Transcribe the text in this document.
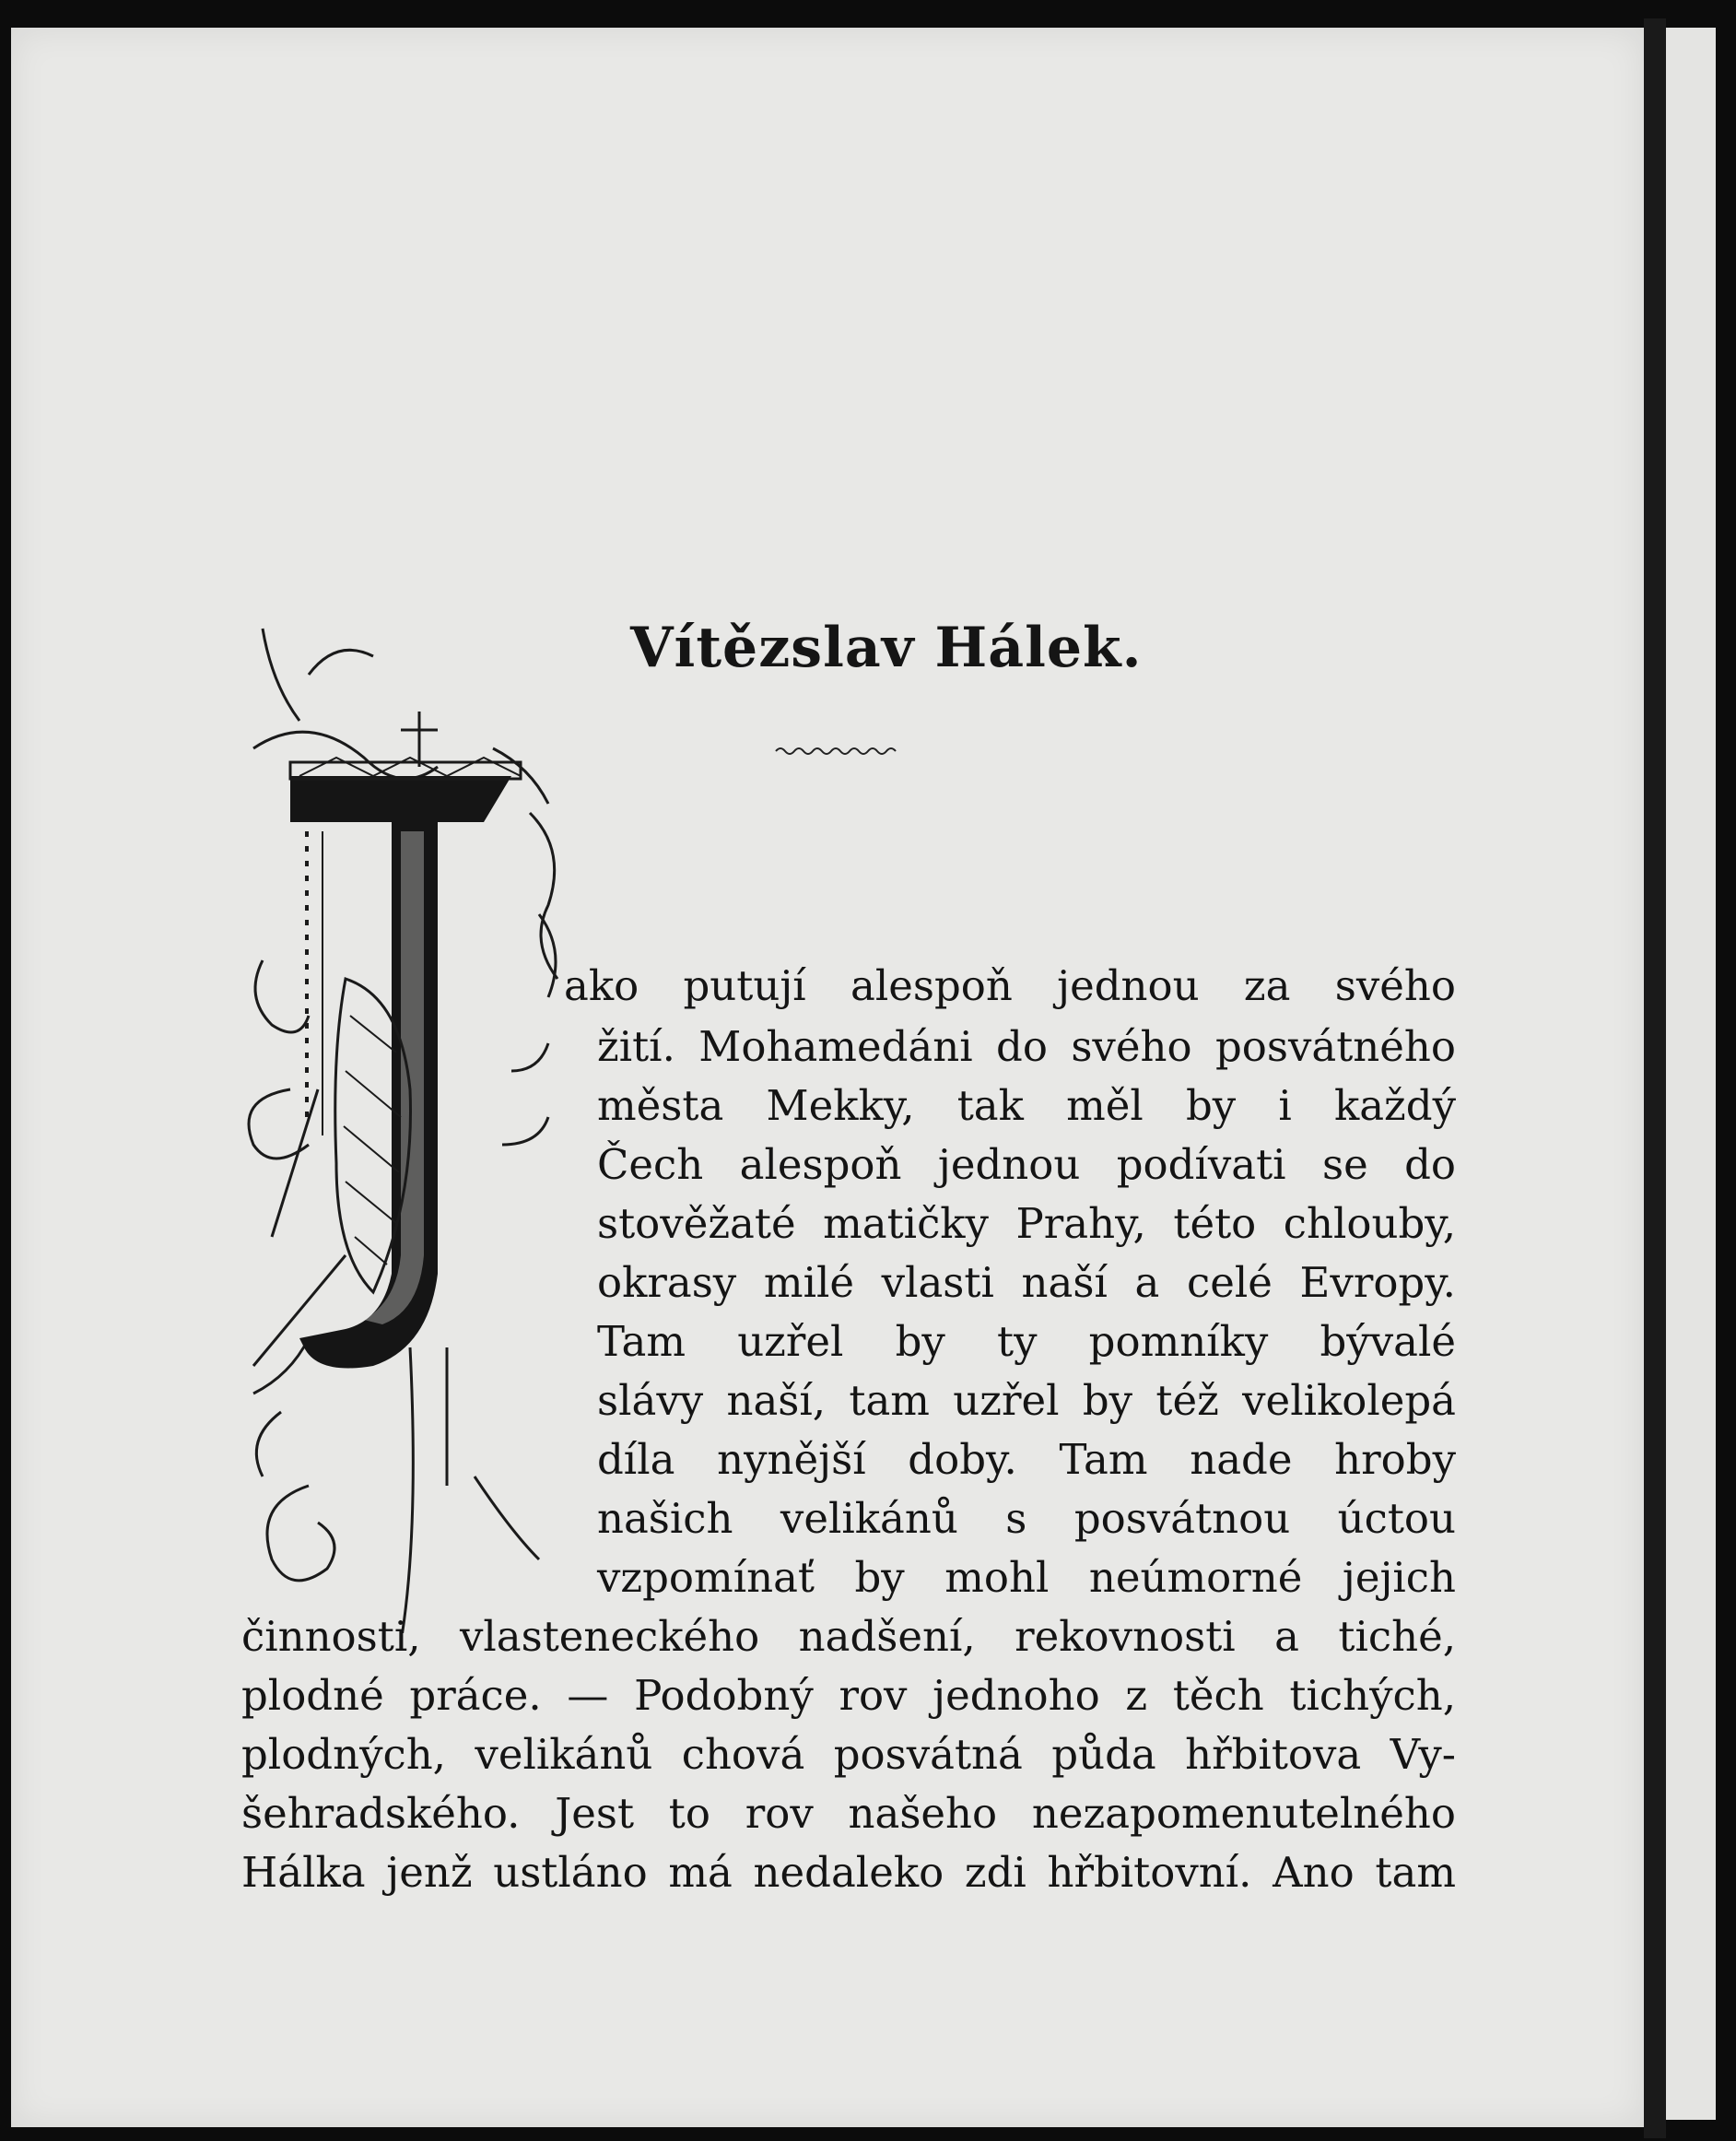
Vítězslav Hálek.

ako putují alespoň jednou za svého

žití. Mohamedáni do svého posvátného

města Mekky, tak měl by i každý

Čech alespoň jednou podívati se do

stověžaté matičky Prahy, této chlouby,

okrasy milé vlasti naší a celé Evropy.

Tam uzřel by ty pomníky bývalé

slávy naší, tam uzřel by též velikolepá

díla nynější doby. Tam nade hroby

našich velikánů s posvátnou úctou

vzpomínať by mohl neúmorné jejich

činnosti, vlasteneckého nadšení, rekovnosti a tiché,

plodné práce. — Podobný rov jednoho z těch tichých,

plodných, velikánů chová posvátná půda hřbitova Vy-

šehradského. Jest to rov našeho nezapomenutelného

Hálka jenž ustláno má nedaleko zdi hřbitovní. Ano tam
